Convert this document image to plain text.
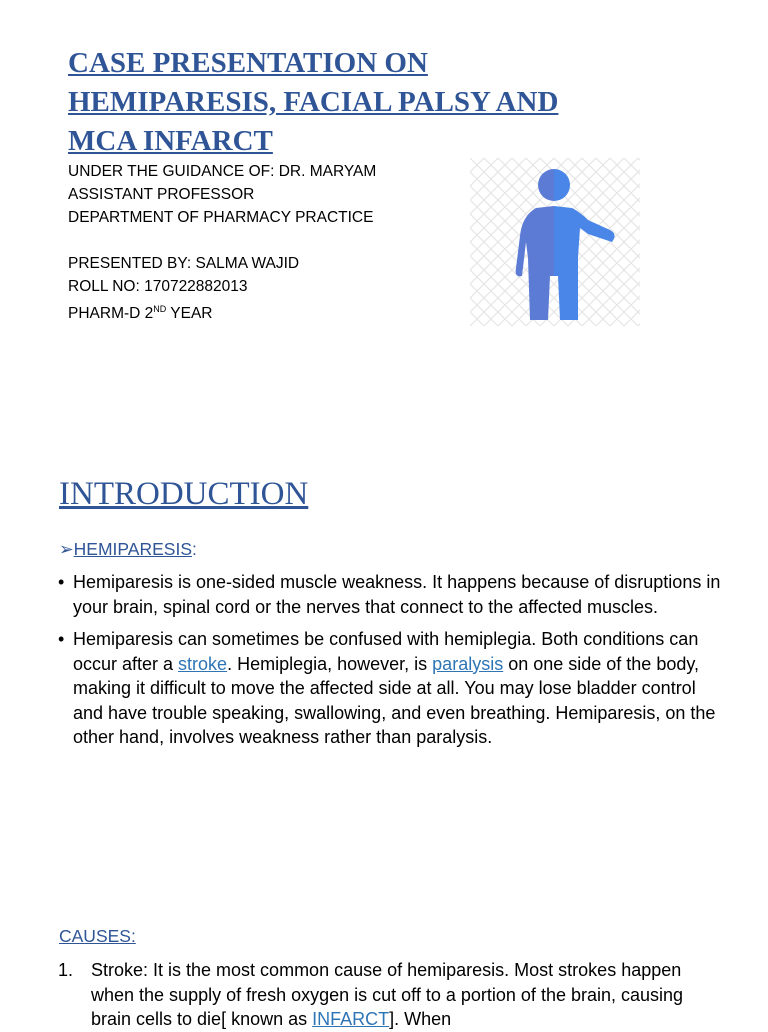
CASE PRESENTATION ON HEMIPARESIS, FACIAL PALSY AND MCA INFARCT
UNDER THE GUIDANCE OF: DR. MARYAM
ASSISTANT PROFESSOR
DEPARTMENT OF PHARMACY PRACTICE
PRESENTED BY: SALMA WAJID
ROLL NO: 170722882013
PHARM-D 2ND YEAR
INTRODUCTION
➢HEMIPARESIS:
• Hemiparesis is one-sided muscle weakness. It happens because of disruptions in your brain, spinal cord or the nerves that connect to the affected muscles.
• Hemiparesis can sometimes be confused with hemiplegia. Both conditions can occur after a stroke. Hemiplegia, however, is paralysis on one side of the body, making it difficult to move the affected side at all. You may lose bladder control and have trouble speaking, swallowing, and even breathing. Hemiparesis, on the other hand, involves weakness rather than paralysis.
CAUSES:
1. Stroke: It is the most common cause of hemiparesis. Most strokes happen when the supply of fresh oxygen is cut off to a portion of the brain, causing brain cells to die[ known as INFARCT]. When
